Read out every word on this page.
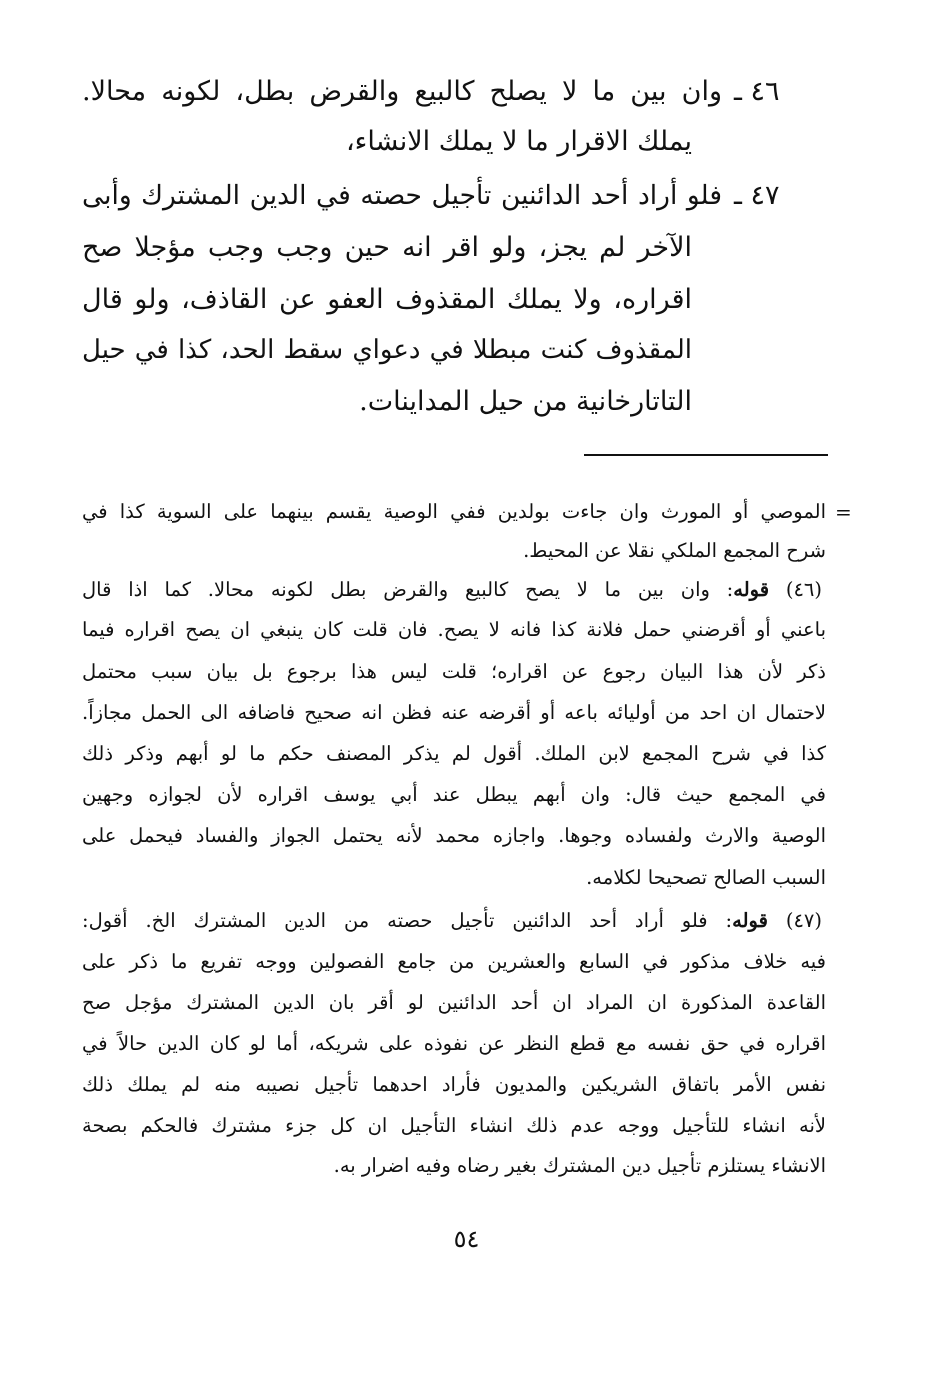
٤٦ ـ
وان بين ما لا يصلح كالبيع والقرض بطل، لكونه محالا.
يملك الاقرار ما لا يملك الانشاء،
٤٧ ـ
فلو أراد أحد الدائنين تأجيل حصته في الدين المشترك وأبى
الآخر لم يجز، ولو اقر انه حين وجب وجب مؤجلا صح
اقراره، ولا يملك المقذوف العفو عن القاذف، ولو قال
المقذوف كنت مبطلا في دعواي سقط الحد، كذا في حيل
التاتارخانية من حيل المداينات.
=
الموصي أو المورث وان جاءت بولدين ففي الوصية يقسم بينهما على السوية كذا في
شرح المجمع الملكي نقلا عن المحيط.
(٤٦) قوله: وان بين ما لا يصح كالبيع والقرض بطل لكونه محالا. كما اذا قال
باعني أو أقرضني حمل فلانة كذا فانه لا يصح. فان قلت كان ينبغي ان يصح اقراره فيما
ذكر لأن هذا البيان رجوع عن اقراره؛ قلت ليس هذا برجوع بل بيان سبب محتمل
لاحتمال ان احد من أوليائه باعه أو أقرضه عنه فظن انه صحيح فاضافه الى الحمل مجازاً.
كذا في شرح المجمع لابن الملك. أقول لم يذكر المصنف حكم ما لو أبهم وذكر ذلك
في المجمع حيث قال: وان أبهم يبطل عند أبي يوسف اقراره لأن لجوازه وجهين
الوصية والارث ولفساده وجوها. واجازه محمد لأنه يحتمل الجواز والفساد فيحمل على
السبب الصالح تصحيحا لكلامه.
(٤٧) قوله: فلو أراد أحد الدائنين تأجيل حصته من الدين المشترك الخ. أقول:
فيه خلاف مذكور في السابع والعشرين من جامع الفصولين ووجه تفريع ما ذكر على
القاعدة المذكورة ان المراد ان أحد الدائنين لو أقر بان الدين المشترك مؤجل صح
اقراره في حق نفسه مع قطع النظر عن نفوذه على شريكه، أما لو كان الدين حالاً في
نفس الأمر باتفاق الشريكين والمديون فأراد احدهما تأجيل نصيبه منه لم يملك ذلك
لأنه انشاء للتأجيل ووجه عدم ذلك انشاء التأجيل ان كل جزء مشترك فالحكم بصحة
الانشاء يستلزم تأجيل دين المشترك بغير رضاه وفيه اضرار به.
٥٤
